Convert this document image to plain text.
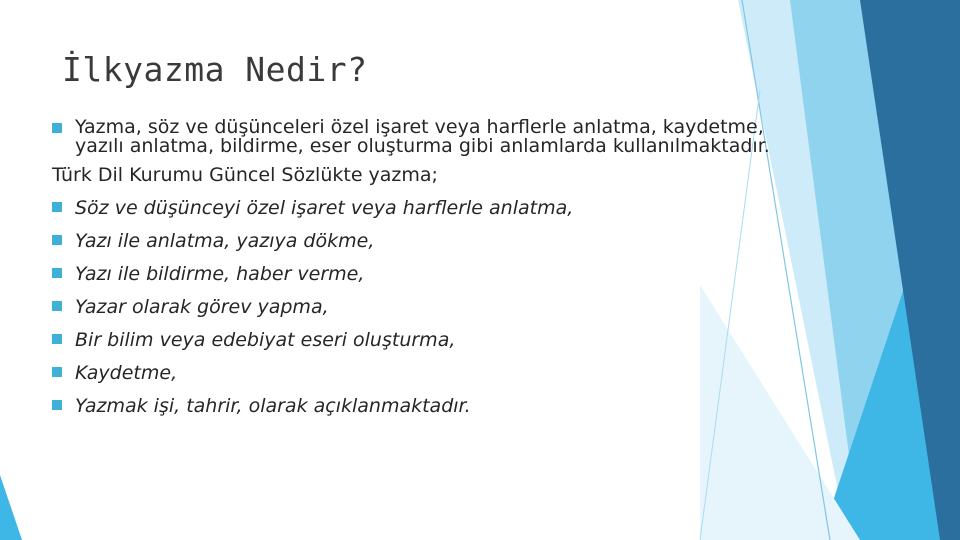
İlkyazma Nedir?
Yazma, söz ve düşünceleri özel işaret veya harflerle anlatma, kaydetme, yazılı anlatma, bildirme, eser oluşturma gibi anlamlarda kullanılmaktadır.
Türk Dil Kurumu Güncel Sözlükte yazma;
Söz ve düşünceyi özel işaret veya harflerle anlatma,
Yazı ile anlatma, yazıya dökme,
Yazı ile bildirme, haber verme,
Yazar olarak görev yapma,
Bir bilim veya edebiyat eseri oluşturma,
Kaydetme,
Yazmak işi, tahrir, olarak açıklanmaktadır.
